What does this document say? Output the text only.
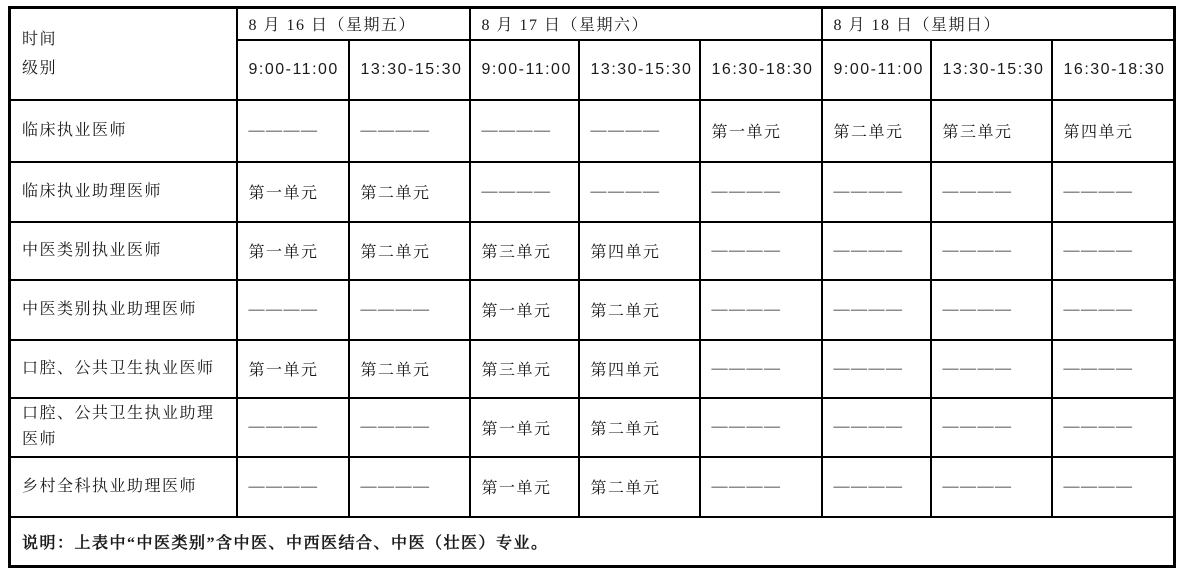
时间
级别	8 月 16 日（星期五）		8 月 17 日（星期六）			8 月 18 日（星期日）		
	9:00-11:00	13:30-15:30	9:00-11:00	13:30-15:30	16:30-18:30	9:00-11:00	13:30-15:30	16:30-18:30
临床执业医师	————	————	————	————	第一单元	第二单元	第三单元	第四单元
临床执业助理医师	第一单元	第二单元	————	————	————	————	————	————
中医类别执业医师	第一单元	第二单元	第三单元	第四单元	————	————	————	————
中医类别执业助理医师	————	————	第一单元	第二单元	————	————	————	————
口腔、公共卫生执业医师	第一单元	第二单元	第三单元	第四单元	————	————	————	————
口腔、公共卫生执业助理医师	————	————	第一单元	第二单元	————	————	————	————
乡村全科执业助理医师	————	————	第一单元	第二单元	————	————	————	————
说明：上表中“中医类别”含中医、中西医结合、中医（壮医）专业。								
